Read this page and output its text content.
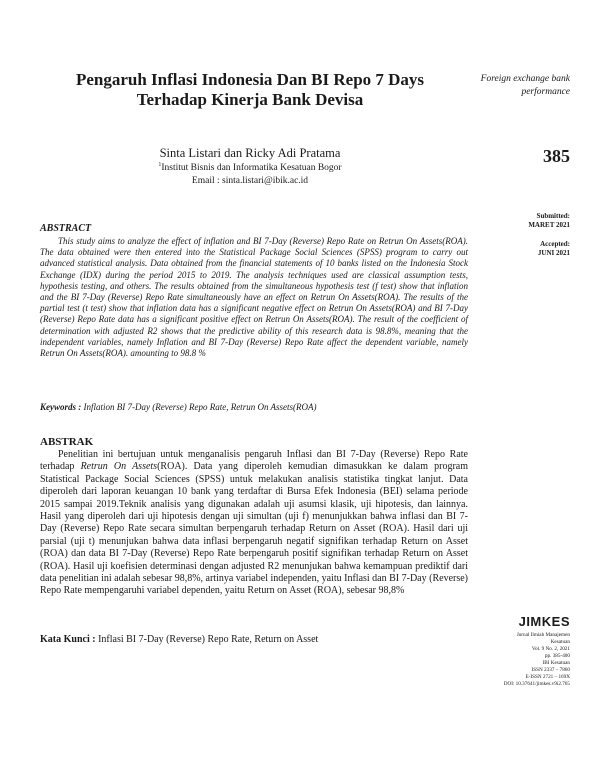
Pengaruh Inflasi Indonesia Dan BI Repo 7 Days
Terhadap Kinerja Bank Devisa
Foreign exchange bank
performance
385
Sinta Listari dan Ricky Adi Pratama
$^1$Institut Bisnis dan Informatika Kesatuan Bogor
Email : sinta.listari@ibik.ac.id
Submitted:
MARET 2021
Accepted:
JUNI 2021
ABSTRACT
This study aims to analyze the effect of inflation and BI 7-Day (Reverse) Repo Rate on Retrun On Assets(ROA). The data obtained were then entered into the Statistical Package Social Sciences (SPSS) program to carry out advanced statistical analysis. Data obtained from the financial statements of 10 banks listed on the Indonesia Stock Exchange (IDX) during the period 2015 to 2019. The analysis techniques used are classical assumption tests, hypothesis testing, and others. The results obtained from the simultaneous hypothesis test (f test) show that inflation and the BI 7-Day (Reverse) Repo Rate simultaneously have an effect on Retrun On Assets(ROA). The results of the partial test (t test) show that inflation data has a significant negative effect on Retrun On Assets(ROA) and BI 7-Day (Reverse) Repo Rate data has a significant positive effect on Retrun On Assets(ROA). The result of the coefficient of determination with adjusted R2 shows that the predictive ability of this research data is 98.8%, meaning that the independent variables, namely Inflation and BI 7-Day (Reverse) Repo Rate affect the dependent variable, namely Retrun On Assets(ROA). amounting to 98.8 %
Keywords : Inflation BI 7-Day (Reverse) Repo Rate, Retrun On Assets(ROA)
ABSTRAK
Penelitian ini bertujuan untuk menganalisis pengaruh Inflasi dan BI 7-Day (Reverse) Repo Rate terhadap Retrun On Assets(ROA). Data yang diperoleh kemudian dimasukkan ke dalam program Statistical Package Social Sciences (SPSS) untuk melakukan analisis statistika tingkat lanjut. Data diperoleh dari laporan keuangan 10 bank yang terdaftar di Bursa Efek Indonesia (BEI) selama periode 2015 sampai 2019.Teknik analisis yang digunakan adalah uji asumsi klasik, uji hipotesis, dan lainnya. Hasil yang diperoleh dari uji hipotesis dengan uji simultan (uji f) menunjukkan bahwa inflasi dan BI 7-Day (Reverse) Repo Rate secara simultan berpengaruh terhadap Return on Asset (ROA). Hasil dari uji parsial (uji t) menunjukan bahwa data inflasi berpengaruh negatif signifikan terhadap Return on Asset (ROA) dan data BI 7-Day (Reverse) Repo Rate berpengaruh positif signifikan terhadap Return on Asset (ROA). Hasil uji koefisien determinasi dengan adjusted R2 menunjukan bahwa kemampuan prediktif dari data penelitian ini adalah sebesar 98,8%, artinya variabel independen, yaitu Inflasi dan BI 7-Day (Reverse) Repo Rate mempengaruhi variabel dependen, yaitu Return on Asset (ROA), sebesar 98,8%
Kata Kunci : Inflasi BI 7-Day (Reverse) Repo Rate, Return on Asset
JIMKES
Jurnal Ilmiah Manajemen
Kesatuan
Vol. 9 No. 2, 2021
pp. 385-400
IBI Kesatuan
ISSN 2337 – 7860
E-ISSN 2721 – 169X
DOI: 10.37641/jimkes.v9i2.765
